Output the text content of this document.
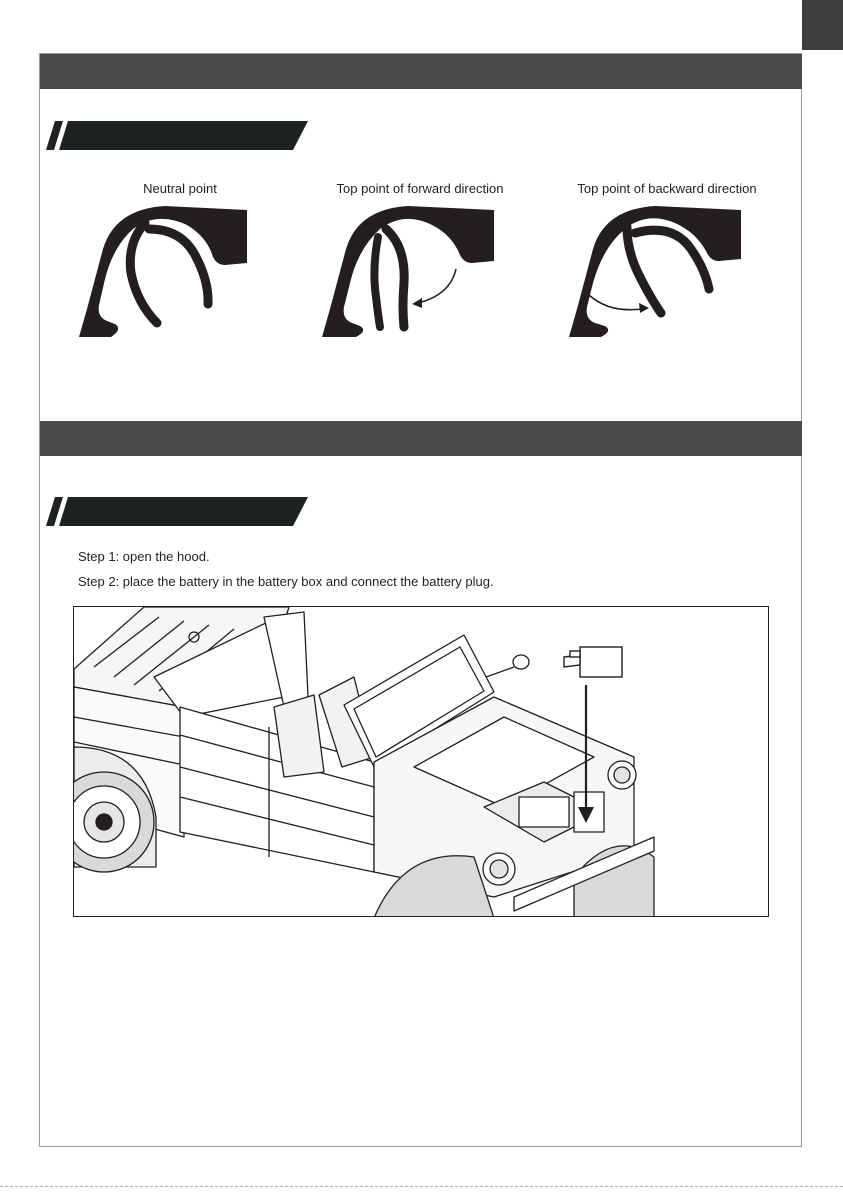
Neutral point	Top point of forward direction	Top point of backward direction
Step 1: open the hood.
Step 2: place the battery in the battery box and connect the battery plug.
